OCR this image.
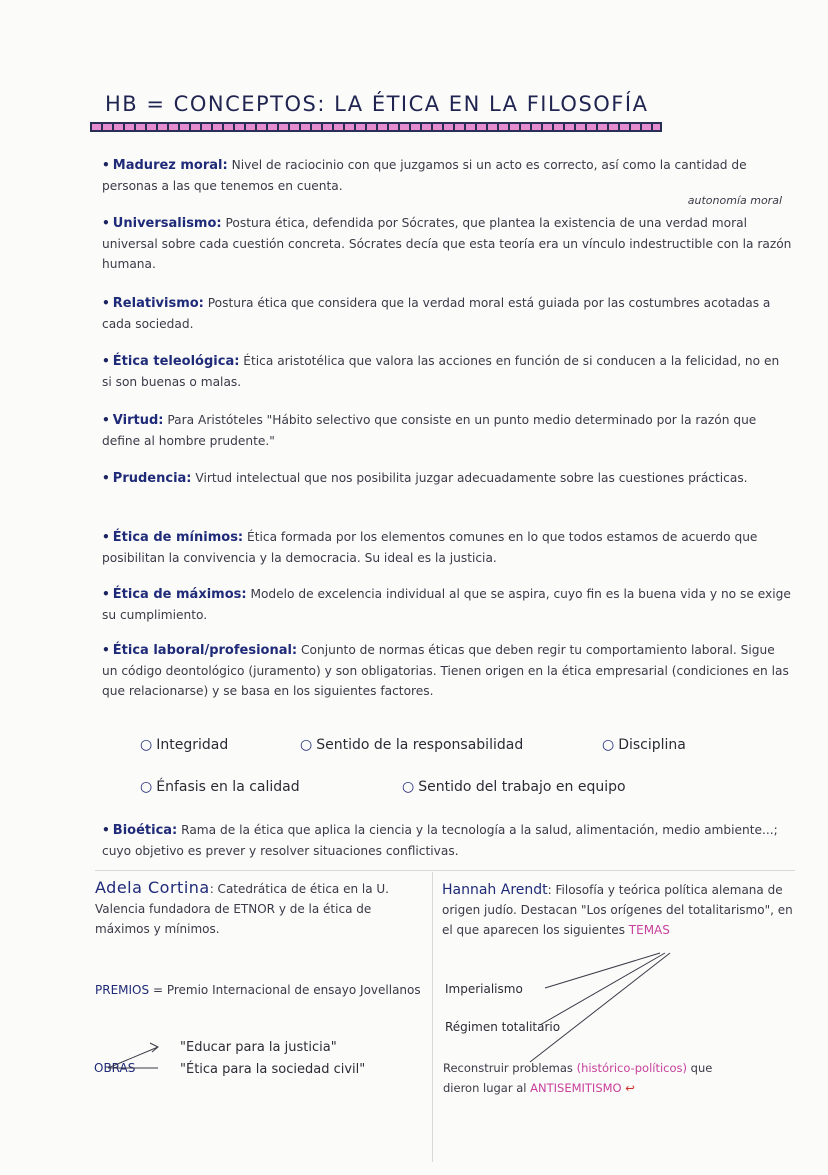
HB = CONCEPTOS: LA ÉTICA EN LA FILOSOFÍA
• Madurez moral: Nivel de raciocinio con que juzgamos si un acto es correcto, así como la cantidad de personas a las que tenemos en cuenta.
autonomía moral
• Universalismo: Postura ética, defendida por Sócrates, que plantea la existencia de una verdad moral universal sobre cada cuestión concreta. Sócrates decía que esta teoría era un vínculo indestructible con la razón humana.
• Relativismo: Postura ética que considera que la verdad moral está guiada por las costumbres acotadas a cada sociedad.
• Ética teleológica: Ética aristotélica que valora las acciones en función de si conducen a la felicidad, no en si son buenas o malas.
• Virtud: Para Aristóteles "Hábito selectivo que consiste en un punto medio determinado por la razón que define al hombre prudente."
• Prudencia: Virtud intelectual que nos posibilita juzgar adecuadamente sobre las cuestiones prácticas.
• Ética de mínimos: Ética formada por los elementos comunes en lo que todos estamos de acuerdo que posibilitan la convivencia y la democracia. Su ideal es la justicia.
• Ética de máximos: Modelo de excelencia individual al que se aspira, cuyo fin es la buena vida y no se exige su cumplimiento.
• Ética laboral/profesional: Conjunto de normas éticas que deben regir tu comportamiento laboral. Sigue un código deontológico (juramento) y son obligatorias. Tienen origen en la ética empresarial (condiciones en las que relacionarse) y se basa en los siguientes factores.
○ Integridad	○ Sentido de la responsabilidad	○ Disciplina
○ Énfasis en la calidad	○ Sentido del trabajo en equipo
• Bioética: Rama de la ética que aplica la ciencia y la tecnología a la salud, alimentación, medio ambiente...; cuyo objetivo es prever y resolver situaciones conflictivas.
Adela Cortina: Catedrática de ética en la U. Valencia fundadora de ETNOR y de la ética de máximos y mínimos.
PREMIOS = Premio Internacional de ensayo Jovellanos
OBRAS
"Educar para la justicia"
"Ética para la sociedad civil"
Hannah Arendt: Filosofía y teórica política alemana de origen judío. Destacan "Los orígenes del totalitarismo", en el que aparecen los siguientes TEMAS
Imperialismo
Régimen totalitario
Reconstruir problemas (histórico-políticos) que
dieron lugar al ANTISEMITISMO ↩
